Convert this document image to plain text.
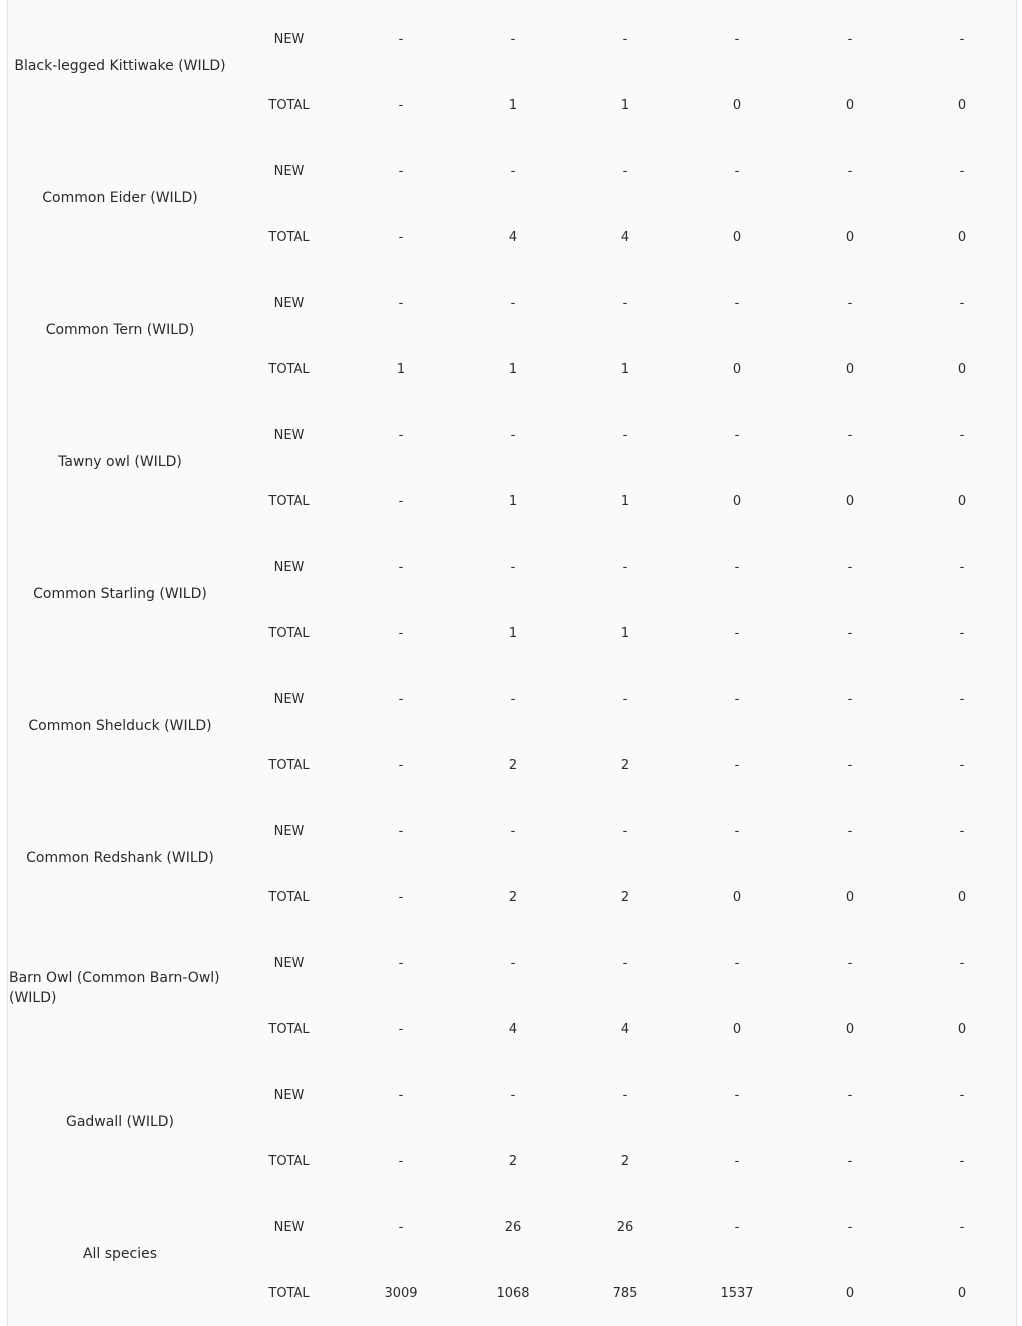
Black-legged Kittiwake (WILD)
NEW	-	-	-	-	-	-
TOTAL	-	1	1	0	0	0
Common Eider (WILD)
NEW	-	-	-	-	-	-
TOTAL	-	4	4	0	0	0
Common Tern (WILD)
NEW	-	-	-	-	-	-
TOTAL	1	1	1	0	0	0
Tawny owl (WILD)
NEW	-	-	-	-	-	-
TOTAL	-	1	1	0	0	0
Common Starling (WILD)
NEW	-	-	-	-	-	-
TOTAL	-	1	1	-	-	-
Common Shelduck (WILD)
NEW	-	-	-	-	-	-
TOTAL	-	2	2	-	-	-
Common Redshank (WILD)
NEW	-	-	-	-	-	-
TOTAL	-	2	2	0	0	0
Barn Owl (Common Barn-Owl) (WILD)
NEW	-	-	-	-	-	-
TOTAL	-	4	4	0	0	0
Gadwall (WILD)
NEW	-	-	-	-	-	-
TOTAL	-	2	2	-	-	-
All species
NEW	-	26	26	-	-	-
TOTAL	3009	1068	785	1537	0	0
